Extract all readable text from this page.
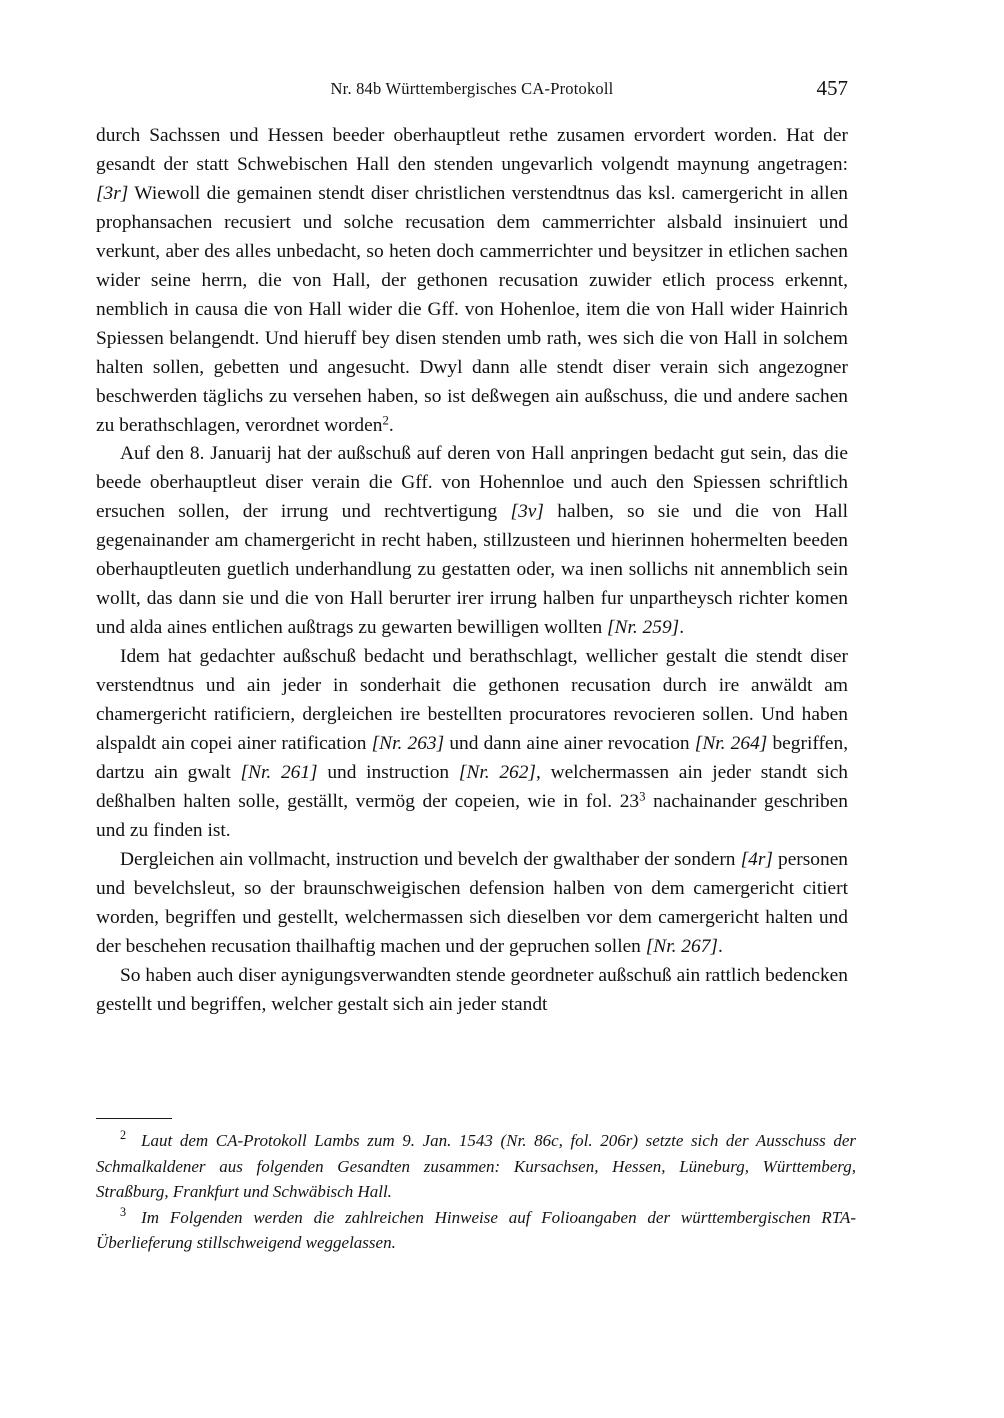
Nr. 84b Württembergisches CA-Protokoll	457

durch Sachssen und Hessen beeder oberhauptleut rethe zusamen ervordert worden. Hat der gesandt der statt Schwebischen Hall den stenden ungevarlich volgendt maynung angetragen: [3r] Wiewoll die gemainen stendt diser christlichen verstendtnus das ksl. camergericht in allen prophansachen recusiert und solche recusation dem cammerrichter alsbald insinuiert und verkunt, aber des alles unbedacht, so heten doch cammerrichter und beysitzer in etlichen sachen wider seine herrn, die von Hall, der gethonen recusation zuwider etlich process erkennt, nemblich in causa die von Hall wider die Gff. von Hohenloe, item die von Hall wider Hainrich Spiessen belangendt. Und hieruff bey disen stenden umb rath, wes sich die von Hall in solchem halten sollen, gebetten und angesucht. Dwyl dann alle stendt diser verain sich angezogner beschwerden täglichs zu versehen haben, so ist deßwegen ain außschuss, die und andere sachen zu berathschlagen, verordnet worden$^2$.

Auf den 8. Januarij hat der außschuß auf deren von Hall anpringen bedacht gut sein, das die beede oberhauptleut diser verain die Gff. von Hohennloe und auch den Spiessen schriftlich ersuchen sollen, der irrung und rechtvertigung [3v] halben, so sie und die von Hall gegenainander am chamergericht in recht haben, stillzusteen und hierinnen hohermelten beeden oberhauptleuten guetlich underhandlung zu gestatten oder, wa inen sollichs nit annemblich sein wollt, das dann sie und die von Hall berurter irer irrung halben fur unpartheysch richter komen und alda aines entlichen außtrags zu gewarten bewilligen wollten [Nr. 259].

Idem hat gedachter außschuß bedacht und berathschlagt, wellicher gestalt die stendt diser verstendtnus und ain jeder in sonderhait die gethonen recusation durch ire anwäldt am chamergericht ratificiern, dergleichen ire bestellten procuratores revocieren sollen. Und haben alspaldt ain copei ainer ratification [Nr. 263] und dann aine ainer revocation [Nr. 264] begriffen, dartzu ain gwalt [Nr. 261] und instruction [Nr. 262], welchermassen ain jeder standt sich deßhalben halten solle, geställt, vermög der copeien, wie in fol. $23^3$ nachainander geschriben und zu finden ist.

Dergleichen ain vollmacht, instruction und bevelch der gwalthaber der sondern [4r] personen und bevelchsleut, so der braunschweigischen defension halben von dem camergericht citiert worden, begriffen und gestellt, welchermassen sich dieselben vor dem camergericht halten und der beschehen recusation thailhaftig machen und der gepruchen sollen [Nr. 267].

So haben auch diser aynigungsverwandten stende geordneter außschuß ain rattlich bedencken gestellt und begriffen, welcher gestalt sich ain jeder standt

$^2$ Laut dem CA-Protokoll Lambs zum 9. Jan. 1543 (Nr. 86c, fol. 206r) setzte sich der Ausschuss der Schmalkaldener aus folgenden Gesandten zusammen: Kursachsen, Hessen, Lüneburg, Württemberg, Straßburg, Frankfurt und Schwäbisch Hall.

$^3$ Im Folgenden werden die zahlreichen Hinweise auf Folioangaben der württembergischen RTA-Überlieferung stillschweigend weggelassen.
